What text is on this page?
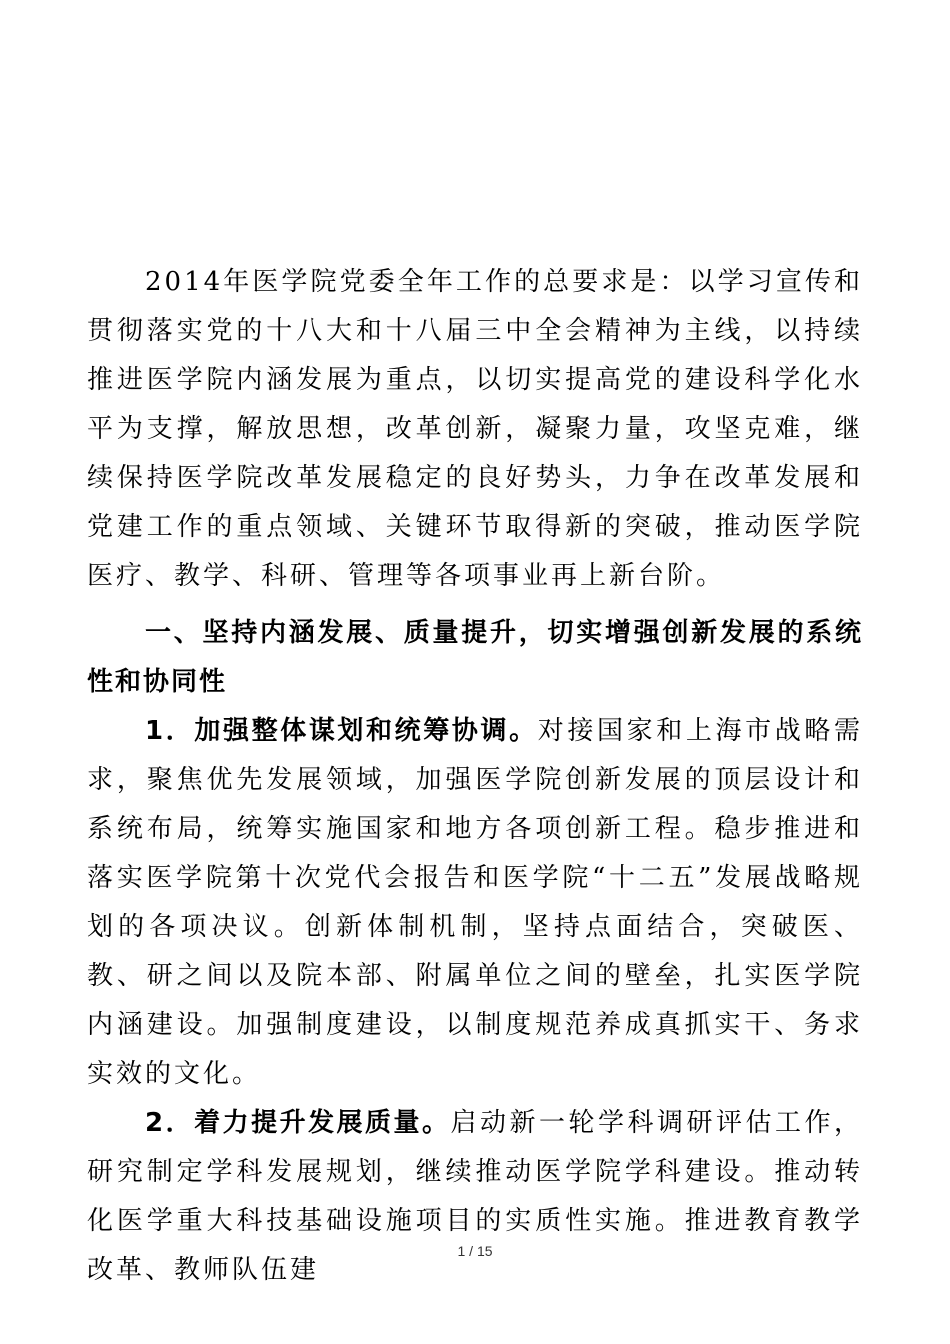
2014年医学院党委全年工作的总要求是：以学习宣传和贯彻落实党的十八大和十八届三中全会精神为主线，以持续推进医学院内涵发展为重点，以切实提高党的建设科学化水平为支撑，解放思想，改革创新，凝聚力量，攻坚克难，继续保持医学院改革发展稳定的良好势头，力争在改革发展和党建工作的重点领域、关键环节取得新的突破，推动医学院医疗、教学、科研、管理等各项事业再上新台阶。

一、坚持内涵发展、质量提升，切实增强创新发展的系统性和协同性

1．加强整体谋划和统筹协调。对接国家和上海市战略需求，聚焦优先发展领域，加强医学院创新发展的顶层设计和系统布局，统筹实施国家和地方各项创新工程。稳步推进和落实医学院第十次党代会报告和医学院“十二五”发展战略规划的各项决议。创新体制机制，坚持点面结合，突破医、教、研之间以及院本部、附属单位之间的壁垒，扎实医学院内涵建设。加强制度建设，以制度规范养成真抓实干、务求实效的文化。

2．着力提升发展质量。启动新一轮学科调研评估工作，研究制定学科发展规划，继续推动医学院学科建设。推动转化医学重大科技基础设施项目的实质性实施。推进教育教学改革、教师队伍建

1 / 15
